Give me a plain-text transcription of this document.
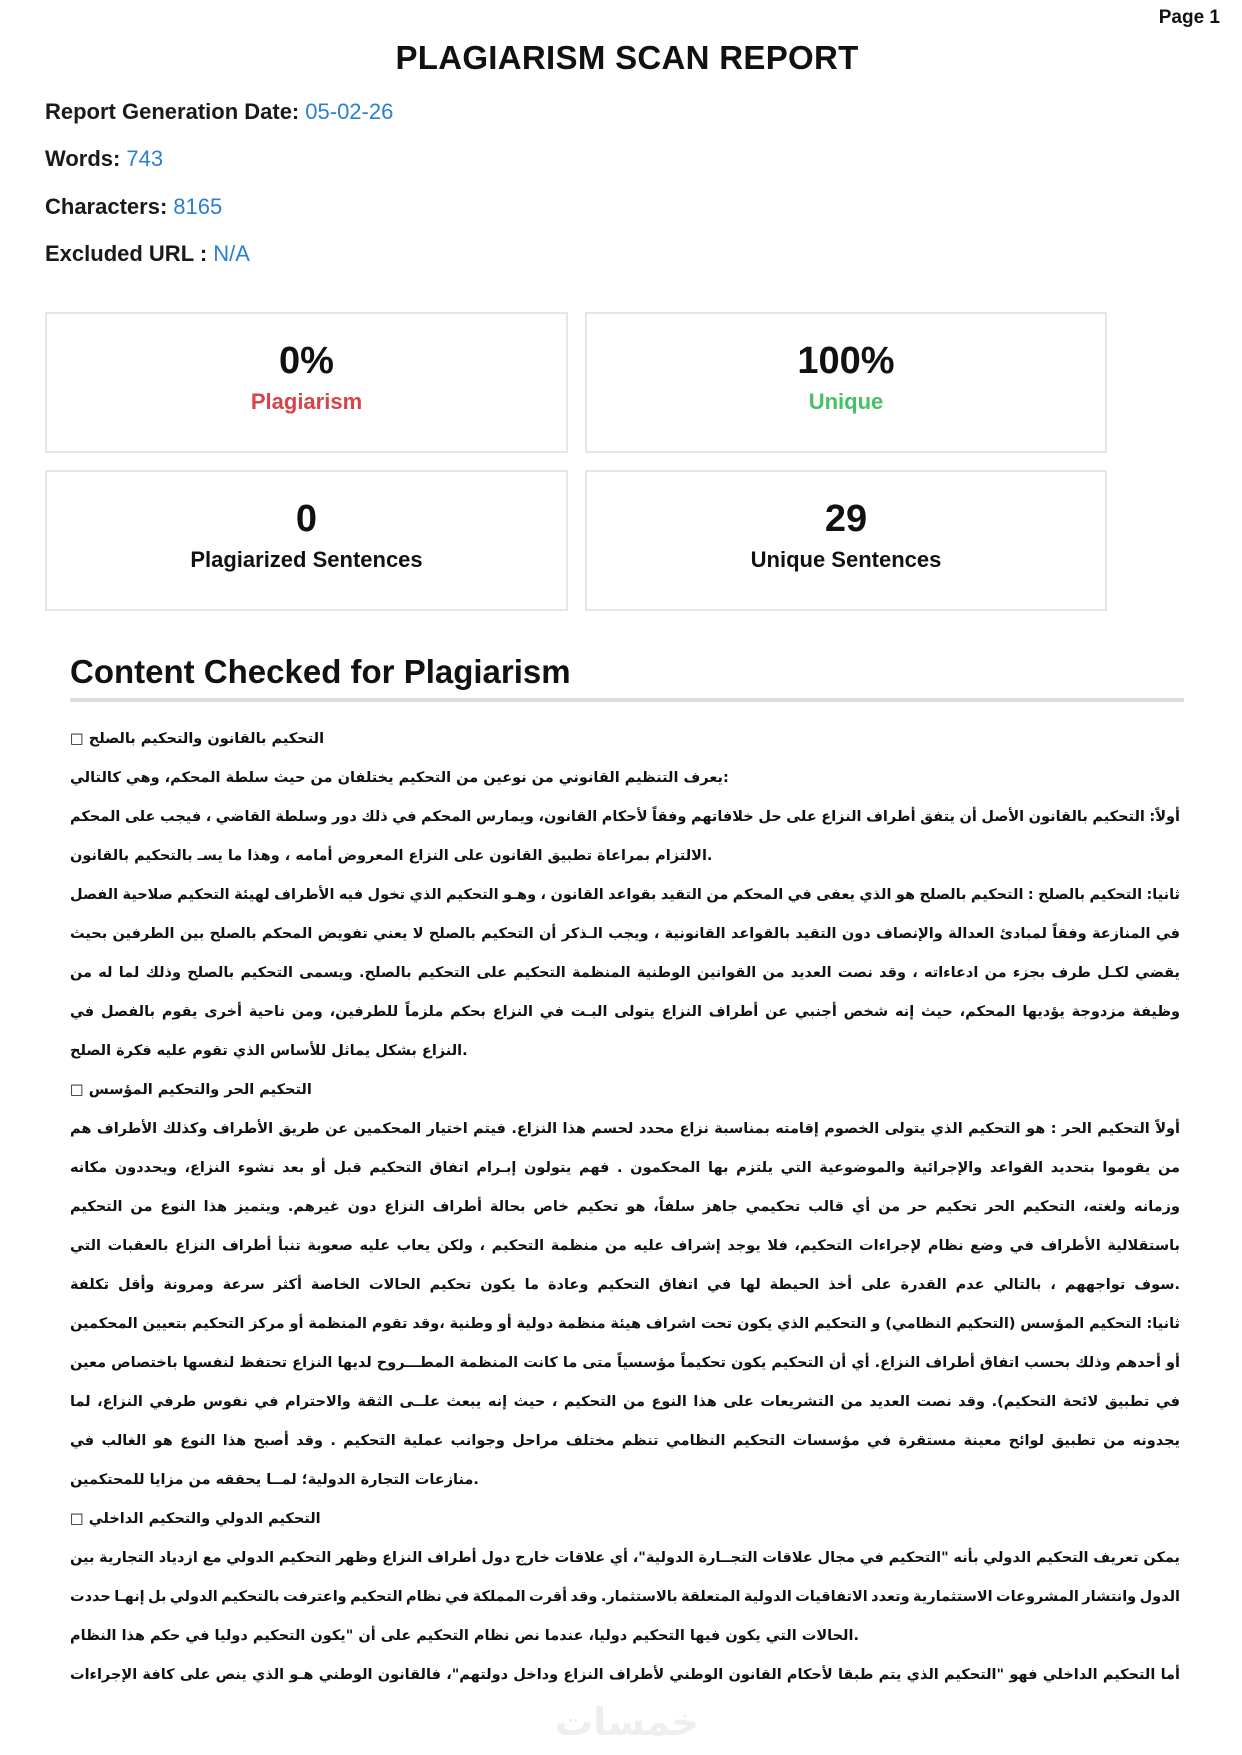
Page 1
PLAGIARISM SCAN REPORT
Report Generation Date: 05-02-26
Words: 743
Characters: 8165
Excluded URL : N/A
0%
Plagiarism
100%
Unique
0
Plagiarized Sentences
29
Unique Sentences
Content Checked for Plagiarism
□ التحكيم بالقانون والتحكيم بالصلح
يعرف التنظيم القانوني من نوعين من التحكيم يختلفان من حيث سلطة المحكم، وهي كالتالي:
أولاً: التحكيم بالقانون الأصل أن يتفق أطراف النزاع على حل خلافاتهم وفقاً لأحكام القانون، ويمارس المحكم في ذلك دور وسلطة القاضي ، فيجب على المحكم
الالتزام بمراعاة تطبيق القانون على النزاع المعروض أمامه ، وهذا ما يسـ بالتحكيم بالقانون.
ثانيا: التحكيم بالصلح : التحكيم بالصلح هو الذي يعفى في المحكم من التقيد بقواعد القانون ، وهـو التحكيم الذي تخول فيه الأطراف لهيئة التحكيم صلاحية الفصل
في المنازعة وفقاً لمبادئ العدالة والإنصاف دون التقيد بالقواعد القانونية ، ويجب الـذكر أن التحكيم بالصلح لا يعني تفويض المحكم بالصلح بين الطرفين بحيث
يقضي لكـل طرف بجزء من ادعاءاته ، وقد نصت العديد من القوانين الوطنية المنظمة التحكيم على التحكيم بالصلح. ويسمى التحكيم بالصلح وذلك لما له من
وظيفة مزدوجة يؤديها المحكم، حيث إنه شخص أجنبي عن أطراف النزاع يتولى البـت في النزاع بحكم ملزماً للطرفين، ومن ناحية أخرى يقوم بالفصل في
النزاع بشكل يماثل للأساس الذي تقوم عليه فكرة الصلح.
□ التحكيم الحر والتحكيم المؤسس
أولاً التحكيم الحر : هو التحكيم الذي يتولى الخصوم إقامته بمناسبة نزاع محدد لحسم هذا النزاع. فيتم اختيار المحكمين عن طريق الأطراف وكذلك الأطراف هم
من يقوموا بتحديد القواعد والإجرائية والموضوعية التي يلتزم بها المحكمون . فهم يتولون إبـرام اتفاق التحكيم قبل أو بعد نشوء النزاع، ويحددون مكانه
وزمانه ولغته، التحكيم الحر تحكيم حر من أي قالب تحكيمي جاهز سلفاً، هو تحكيم خاص بحالة أطراف النزاع دون غيرهم. ويتميز هذا النوع من التحكيم
باستقلالية الأطراف في وضع نظام لإجراءات التحكيم، فلا يوجد إشراف عليه من منظمة التحكيم ، ولكن يعاب عليه صعوبة تنبأ أطراف النزاع بالعقبات التي
سوف تواجههم ، بالتالي عدم القدرة على أخذ الحيطة لها في اتفاق التحكيم وعادة ما يكون تحكيم الحالات الخاصة أكثر سرعة ومرونة وأقل تكلفة.
ثانيا: التحكيم المؤسس (التحكيم النظامي) و التحكيم الذي يكون تحت اشراف هيئة منظمة دولية أو وطنية ،وقد تقوم المنظمة أو مركز التحكيم بتعيين المحكمين
أو أحدهم وذلك بحسب اتفاق أطراف النزاع. أي أن التحكيم يكون تحكيماً مؤسسياً متى ما كانت المنظمة المطـــروح لديها النزاع تحتفظ لنفسها باختصاص معين
في تطبيق لائحة التحكيم). وقد نصت العديد من التشريعات على هذا النوع من التحكيم ، حيث إنه يبعث علــى الثقة والاحترام في نفوس طرفي النزاع، لما
يجدونه من تطبيق لوائح معينة مستقرة في مؤسسات التحكيم النظامي تنظم مختلف مراحل وجوانب عملية التحكيم . وقد أصبح هذا النوع هو الغالب في
منازعات التجارة الدولية؛ لمــا يحققه من مزايا للمحتكمين.
□ التحكيم الدولي والتحكيم الداخلي
يمكن تعريف التحكيم الدولي بأنه "التحكيم في مجال علاقات التجــارة الدولية"، أي علاقات خارج دول أطراف النزاع وظهر التحكيم الدولي مع ازدياد التجارية بين
الدول وانتشار المشروعات الاستثمارية وتعدد الاتفاقيات الدولية المتعلقة بالاستثمار. وقد أقرت المملكة في نظام التحكيم واعترفت بالتحكيم الدولي بل إنهـا حددت
الحالات التي يكون فيها التحكيم دوليا، عندما نص نظام التحكيم على أن "يكون التحكيم دوليا في حكم هذا النظام.
أما التحكيم الداخلي فهو "التحكيم الذي يتم طبقا لأحكام القانون الوطني لأطراف النزاع وداخل دولتهم"، فالقانون الوطني هـو الذي ينص على كافة الإجراءات
خمسات
